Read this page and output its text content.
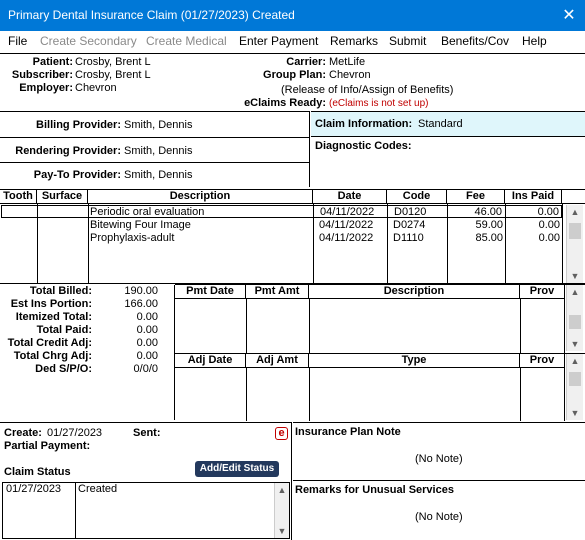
Primary Dental Insurance Claim (01/27/2023) Created	✕
File Create Secondary Create Medical Enter Payment Remarks Submit Benefits/Cov Help
Patient: Crosby, Brent L
Subscriber: Crosby, Brent L
Employer: Chevron
Carrier: MetLife
Group Plan: Chevron
(Release of Info/Assign of Benefits)
eClaims Ready: (eClaims is not set up)
Billing Provider: Smith, Dennis
Rendering Provider: Smith, Dennis
Pay-To Provider: Smith, Dennis
Claim Information: Standard
Diagnostic Codes:
Tooth Surface	Description	Date	Code	Fee	Ins Paid
Periodic oral evaluation	04/11/2022 D0120	46.00	0.00
Bitewing Four Image	04/11/2022 D0274	59.00	0.00
Prophylaxis-adult	04/11/2022 D1110	85.00	0.00
▲
▼
Total Billed:	190.00
Est Ins Portion:	166.00
Itemized Total:	0.00
Total Paid:	0.00
Total Credit Adj:	0.00
Total Chrg Adj:	0.00
Ded S/P/O:	0/0/0
Pmt Date	Pmt Amt	Description	Prov	▲
▼
Adj Date	Adj Amt	Type	Prov	▲
▼
Create: 01/27/2023	Sent:	e
Partial Payment:
Claim Status	Add/Edit Status
01/27/2023 Created	▲
▼
Insurance Plan Note
(No Note)
Remarks for Unusual Services
(No Note)
